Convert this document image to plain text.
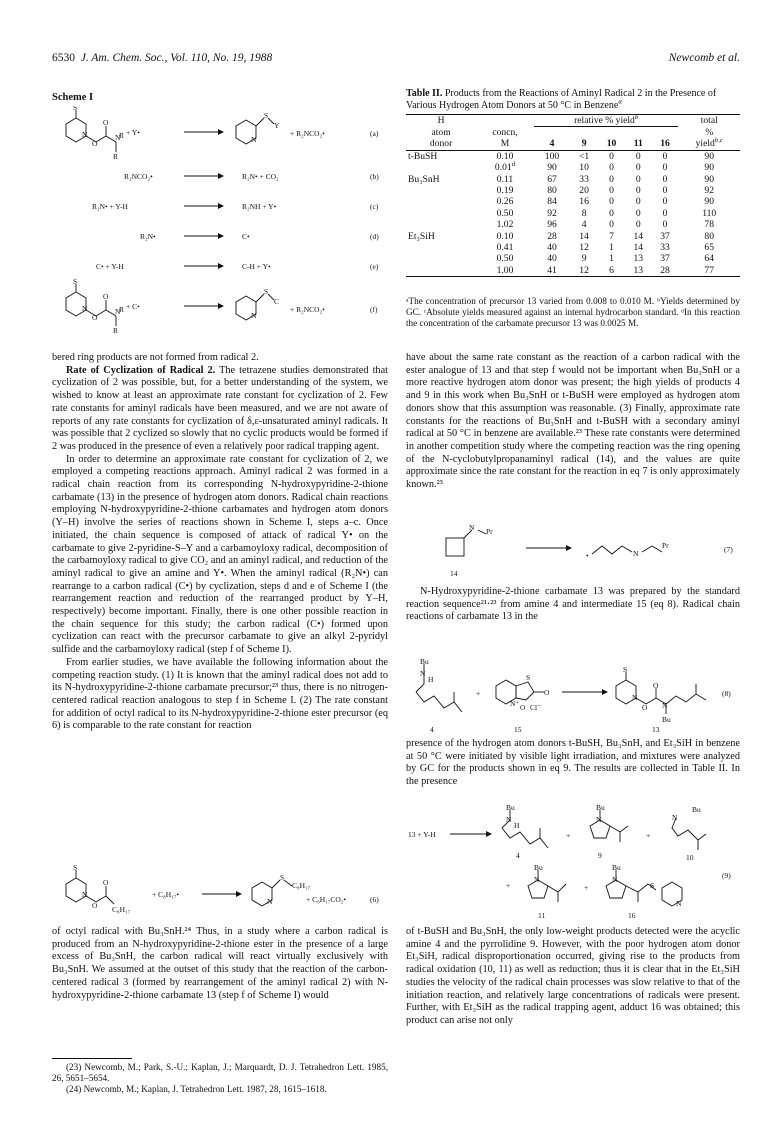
6530 J. Am. Chem. Soc., Vol. 110, No. 19, 1988	Newcomb et al.
Scheme I
S
N
O
O
N
R
R + Y•
N
S
Y
+ R₂NCO₂•	(a)
R₂NCO₂•	R₂N• + CO₂	(b)
R₂N• + Y-H	R₂NH + Y•	(c)
R₂N•	C•	(d)
C• + Y-H	C-H + Y•	(e)
S
N
O
O
N
R
R + C•
N
S
C
+ R₂NCO₂•	(f)
Table II. Products from the Reactions of Aminyl Radical 2 in the Presence of Various Hydrogen Atom Donors at 50 °C in Benzene$^a$
H		relative % yield$^b$					total
atom	concn,						%
donor	M	4	9	10	11	16	yield$^{b,c}$
t-BuSH	0.10	100	<1	0	0	0	90
	0.01$^d$	90	10	0	0	0	90
Bu₃SnH	0.11	67	33	0	0	0	90
	0.19	80	20	0	0	0	92
	0.26	84	16	0	0	0	90
	0.50	92	8	0	0	0	110
	1.02	96	4	0	0	0	78
Et₃SiH	0.10	28	14	7	14	37	80
	0.41	40	12	1	14	33	65
	0.50	40	9	1	13	37	64
	1.00	41	12	6	13	28	77
ᵃThe concentration of precursor 13 varied from 0.008 to 0.010 M. ᵇYields determined by GC. ᶜAbsolute yields measured against an internal hydrocarbon standard. ᵈIn this reaction the concentration of the carbamate precursor 13 was 0.0025 M.

bered ring products are not formed from radical 2.

Rate of Cyclization of Radical 2. The tetrazene studies demonstrated that cyclization of 2 was possible, but, for a better understanding of the system, we wished to know at least an approximate rate constant for cyclization of 2. Few rate constants for aminyl radicals have been measured, and we are not aware of reports of any rate constants for cyclization of δ,ε-unsaturated aminyl radicals. It was possible that 2 cyclized so slowly that no cyclic products would be formed if 2 was produced in the presence of even a relatively poor radical trapping agent.

In order to determine an approximate rate constant for cyclization of 2, we employed a competing reactions approach. Aminyl radical 2 was formed in a radical chain reaction from its corresponding N-hydroxypyridine-2-thione carbamate (13) in the presence of hydrogen atom donors. Radical chain reactions employing N-hydroxypyridine-2-thione carbamates and hydrogen atom donors (Y–H) involve the series of reactions shown in Scheme I, steps a–c. Once initiated, the chain sequence is composed of attack of radical Y• on the carbamate to give 2-pyridine-S–Y and a carbamoyloxy radical, decomposition of the carbamoyloxy radical to give CO₂ and an aminyl radical, and reduction of the aminyl radical to give an amine and Y•. When the aminyl radical (R₂N•) can rearrange to a carbon radical (C•) by cyclization, steps d and e of Scheme I (the rearrangement reaction and reduction of the rearranged product by Y–H, respectively) become important. Finally, there is one other possible reaction in the chain sequence for this study; the carbon radical (C•) formed upon cyclization can react with the precursor carbamate to give an alkyl 2-pyridyl sulfide and the carbamoyloxy radical (step f of Scheme I).

From earlier studies, we have available the following information about the competing reaction study. (1) It is known that the aminyl radical does not add to its N-hydroxypyridine-2-thione carbamate precursor;²³ thus, there is no nitrogen-centered radical reaction analogous to step f in Scheme I. (2) The rate constant for addition of octyl radical to its N-hydroxypyridine-2-thione ester precursor (eq 6) is comparable to the rate constant for reaction

S
N
O
O
C₈H₁₇
+ C₈H₁₇•
N
S
C₈H₁₇
+ C₈H₁₇CO₂•	(6)

of octyl radical with Bu₃SnH.²⁴ Thus, in a study where a carbon radical is produced from an N-hydroxypyridine-2-thione ester in the presence of a large excess of Bu₃SnH, the carbon radical will react virtually exclusively with Bu₃SnH. We assumed at the outset of this study that the reaction of the carbon-centered radical 3 (formed by rearrangement of the aminyl radical 2) with N-hydroxypyridine-2-thione carbamate 13 (step f of Scheme I) would

(23) Newcomb, M.; Park, S.-U.; Kaplan, J.; Marquardt, D. J. Tetrahedron Lett. 1985, 26, 5651–5654.
(24) Newcomb, M.; Kaplan, J. Tetrahedron Lett. 1987, 28, 1615–1618.

have about the same rate constant as the reaction of a carbon radical with the ester analogue of 13 and that step f would not be important when Bu₃SnH or a more reactive hydrogen atom donor was present; the high yields of products 4 and 9 in this work when Bu₃SnH or t-BuSH were employed as hydrogen atom donors show that this assumption was reasonable. (3) Finally, approximate rate constants for the reactions of Bu₃SnH and t-BuSH with a secondary aminyl radical at 50 °C in benzene are available.²³ These rate constants were determined in another competition study where the competing reaction was the ring opening of the N-cyclobutylpropanaminyl radical (14), and the values are quite approximate since the rate constant for the reaction in eq 7 is only approximately known.²³

N Pr
•	N
Pr	(7)
14

N-Hydroxypyridine-2-thione carbamate 13 was prepared by the standard reaction sequence²¹·²³ from amine 4 and intermediate 15 (eq 8). Radical chain reactions of carbamate 13 in the

Bu
N
H
+
S
O
N⁺ O Cl⁻
S
N
O
O
N
Bu
(8)
4	15	13

presence of the hydrogen atom donors t-BuSH, Bu₃SnH, and Et₃SiH in benzene at 50 °C were initiated by visible light irradiation, and mixtures were analyzed by GC for the products shown in eq 9. The results are collected in Table II. In the presence

13 + Y-H
Bu
N
H
+
Bu
N
+
Bu
N
(9)
+
Bu
N
+
Bu
N
S
N
4	9	10
11	16

of t-BuSH and Bu₃SnH, the only low-weight products detected were the acyclic amine 4 and the pyrrolidine 9. However, with the poor hydrogen atom donor Et₃SiH, radical disproportionation occurred, giving rise to the products from radical oxidation (10, 11) as well as reduction; thus it is clear that in the Et₃SiH studies the velocity of the radical chain processes was slow relative to that of the initiation reaction, and relatively large concentrations of radicals were present. Further, with Et₃SiH as the radical trapping agent, adduct 16 was obtained; this product can arise not only
